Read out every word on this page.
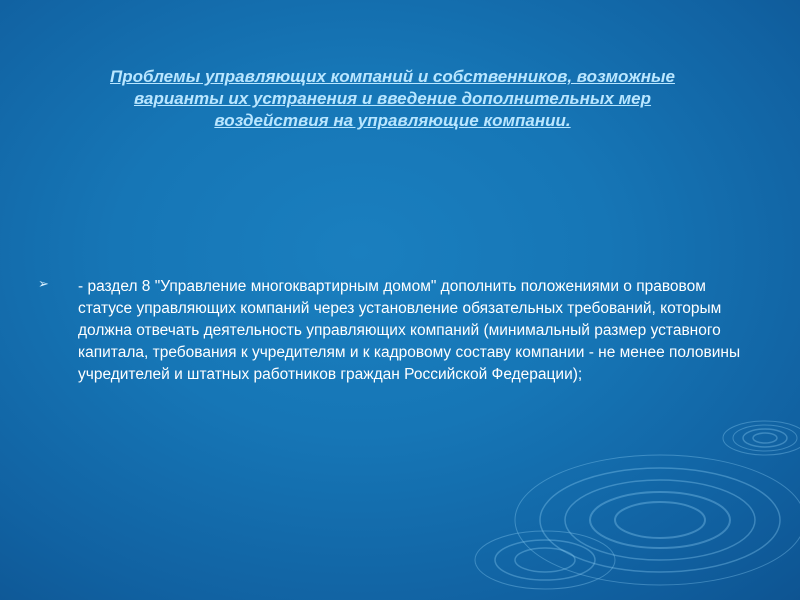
Проблемы управляющих компаний и собственников, возможные варианты их устранения и введение дополнительных мер воздействия на управляющие компании.
➢ - раздел 8 "Управление многоквартирным домом" дополнить положениями о правовом статусе управляющих компаний через установление обязательных требований, которым должна отвечать деятельность управляющих компаний (минимальный размер уставного капитала, требования к учредителям и к кадровому составу компании - не менее половины учредителей и штатных работников граждан Российской Федерации);
